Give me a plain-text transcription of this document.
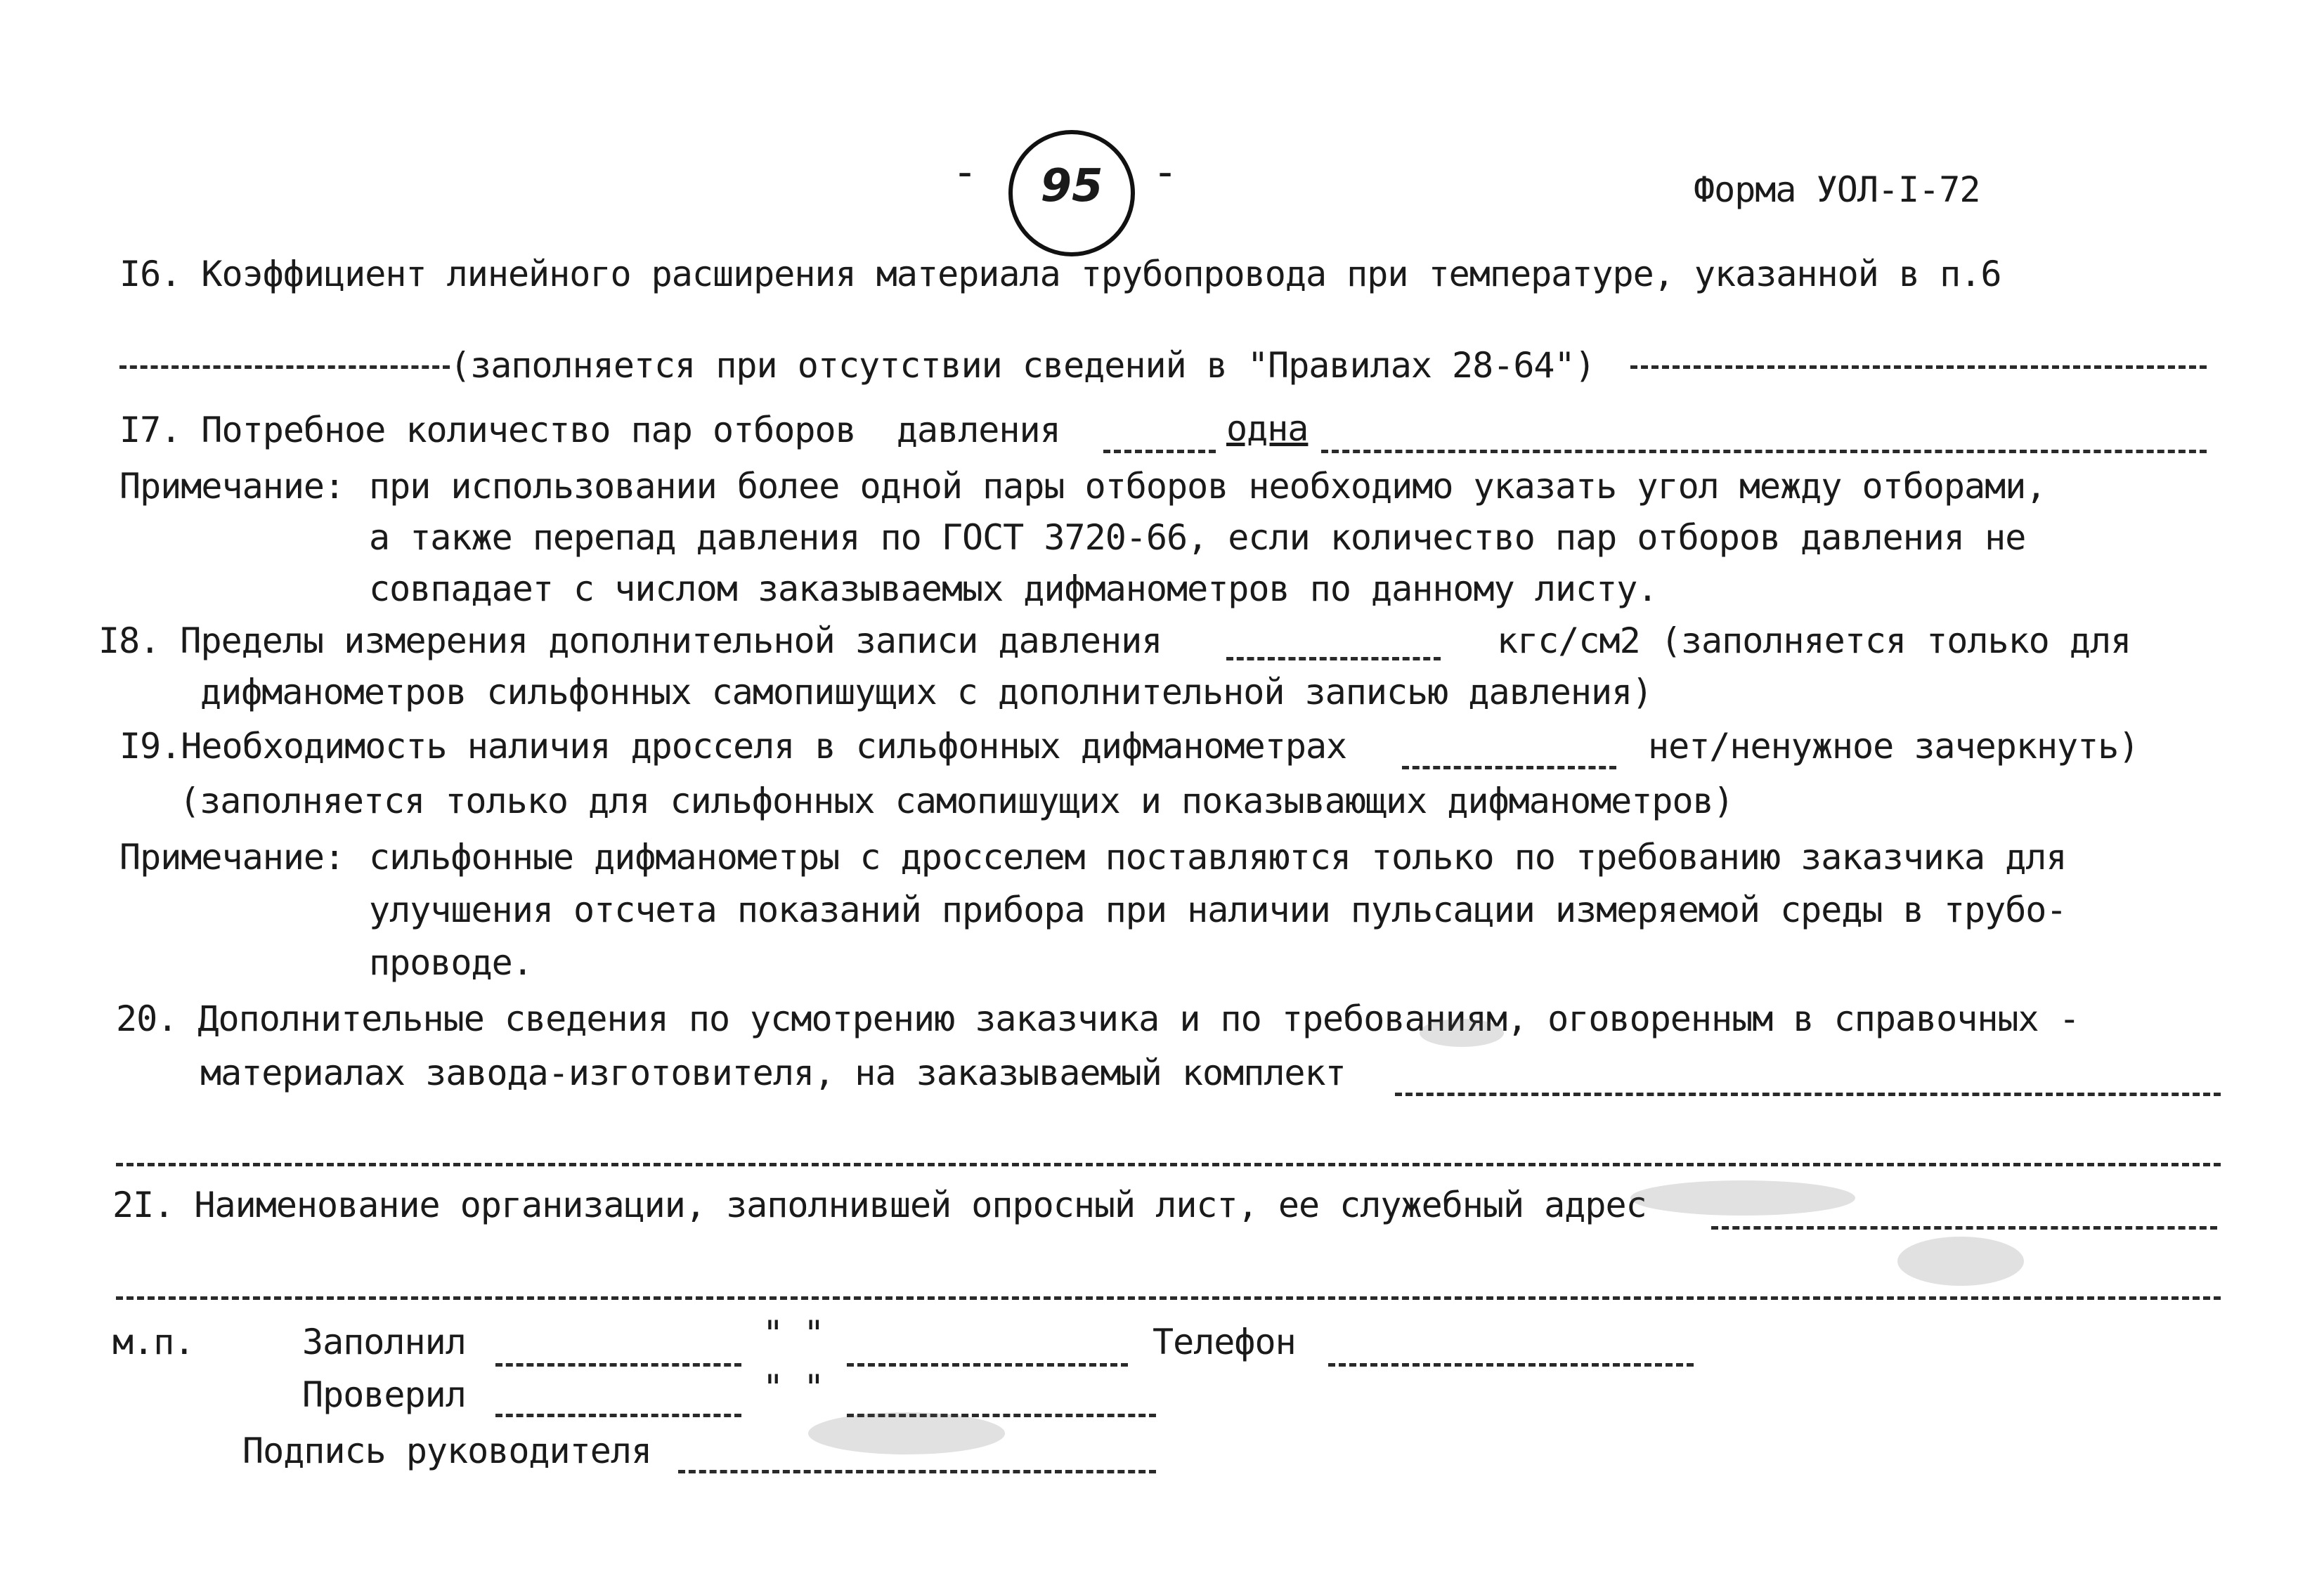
-	95	-	Форма УОЛ-I-72
I6. Коэффициент линейного расширения материала трубопровода при температуре, указанной в п.6
(заполняется при отсутствии сведений в "Правилах 28-64")
I7. Потребное количество пар отборов  давления	одна
Примечание: при использовании более одной пары отборов необходимо указать угол между отборами,
а также перепад давления по ГОСТ 3720-66, если количество пар отборов давления не
совпадает с числом заказываемых дифманометров по данному листу.
I8. Пределы измерения дополнительной записи давления	кгс/см2 (заполняется только для
дифманометров сильфонных самопишущих с дополнительной записью давления)
I9.Необходимость наличия дросселя в сильфонных дифманометрах	нет/ненужное зачеркнуть)
(заполняется только для сильфонных самопишущих и показывающих дифманометров)
Примечание: сильфонные дифманометры с дросселем поставляются только по требованию заказчика для
улучшения отсчета показаний прибора при наличии пульсации измеряемой среды в трубо-
проводе.
20. Дополнительные сведения по усмотрению заказчика и по требованиям, оговоренным в справочных -
материалах завода-изготовителя, на заказываемый комплект
2I. Наименование организации, заполнившей опросный лист, ее служебный адрес
м.п.	Заполнил	" "	Телефон
Проверил	" "
Подпись руководителя
